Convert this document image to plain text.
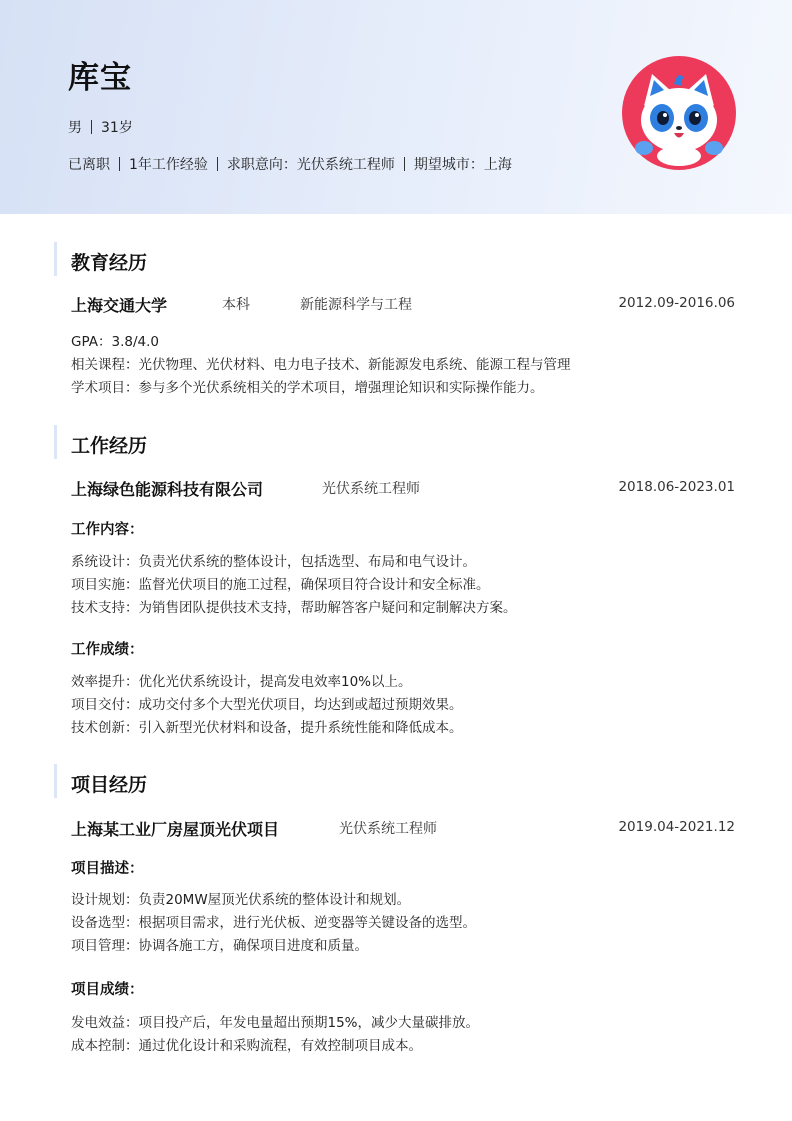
库宝
男 31岁
已离职 1年工作经验 求职意向：光伏系统工程师 期望城市：上海
教育经历
上海交通大学	本科	新能源科学与工程	2012.09-2016.06
GPA：3.8/4.0
相关课程：光伏物理、光伏材料、电力电子技术、新能源发电系统、能源工程与管理
学术项目：参与多个光伏系统相关的学术项目，增强理论知识和实际操作能力。
工作经历
上海绿色能源科技有限公司	光伏系统工程师	2018.06-2023.01
工作内容：
系统设计：负责光伏系统的整体设计，包括选型、布局和电气设计。
项目实施：监督光伏项目的施工过程，确保项目符合设计和安全标准。
技术支持：为销售团队提供技术支持，帮助解答客户疑问和定制解决方案。
工作成绩：
效率提升：优化光伏系统设计，提高发电效率10%以上。
项目交付：成功交付多个大型光伏项目，均达到或超过预期效果。
技术创新：引入新型光伏材料和设备，提升系统性能和降低成本。
项目经历
上海某工业厂房屋顶光伏项目	光伏系统工程师	2019.04-2021.12
项目描述：
设计规划：负责20MW屋顶光伏系统的整体设计和规划。
设备选型：根据项目需求，进行光伏板、逆变器等关键设备的选型。
项目管理：协调各施工方，确保项目进度和质量。
项目成绩：
发电效益：项目投产后，年发电量超出预期15%，减少大量碳排放。
成本控制：通过优化设计和采购流程，有效控制项目成本。
